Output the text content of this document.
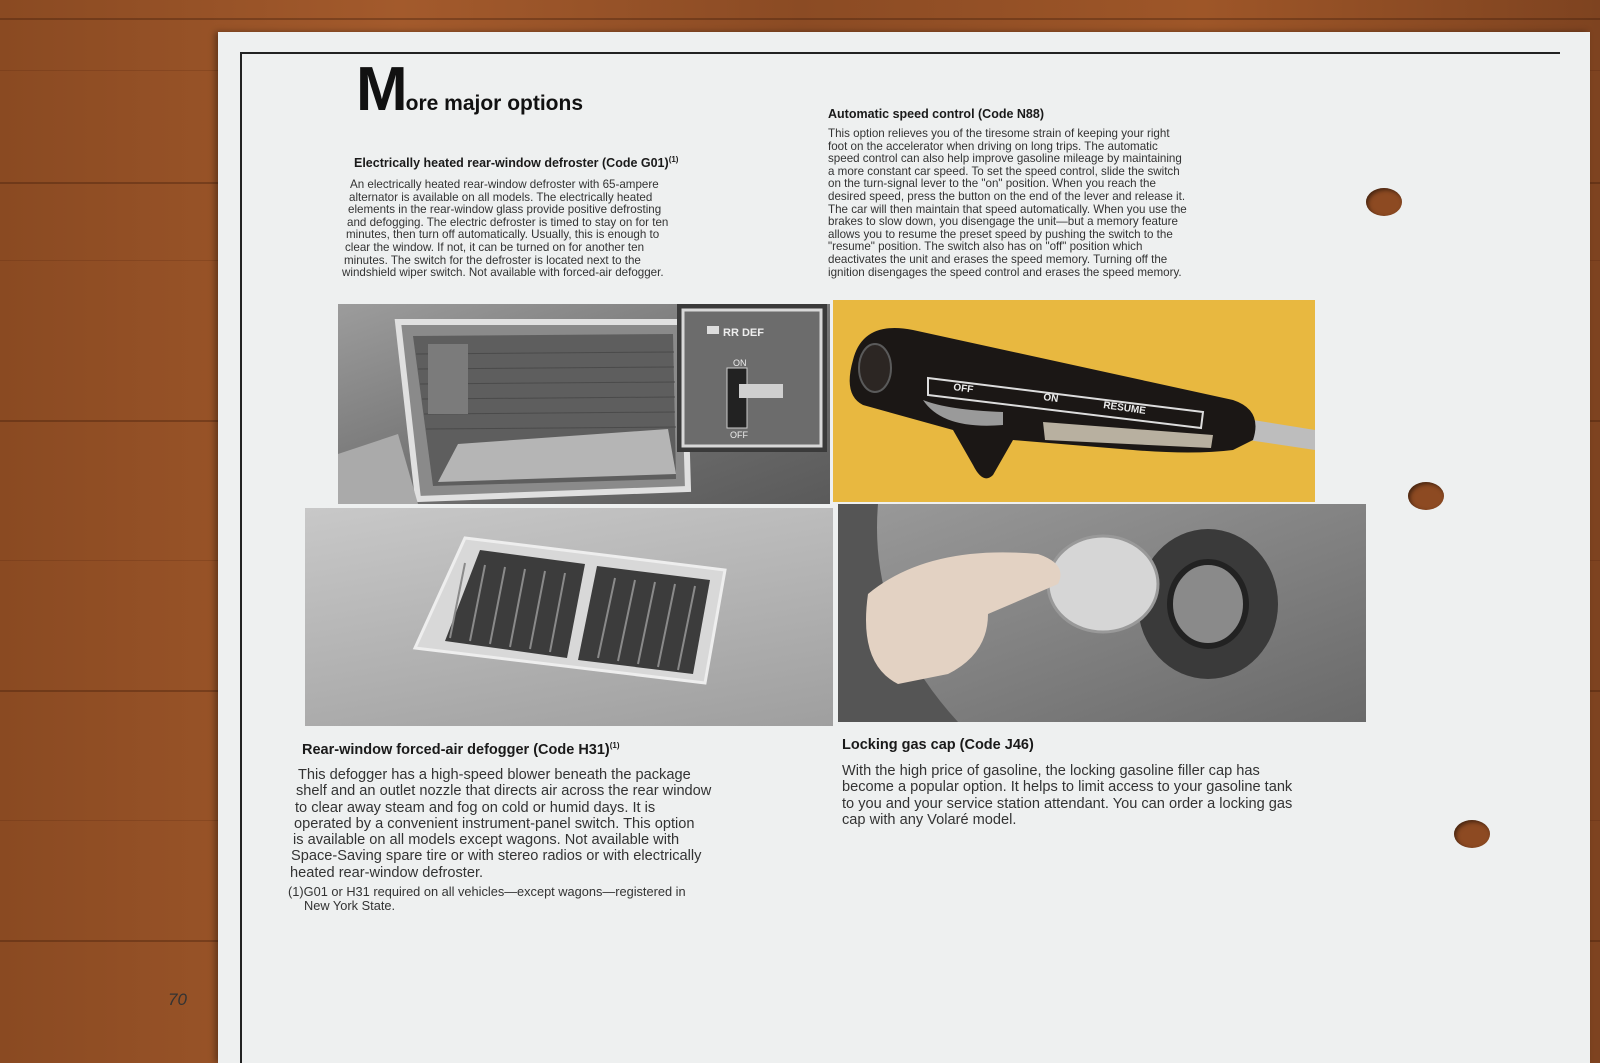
More major options
Electrically heated rear-window defroster (Code G01)$^{(1)}$
An electrically heated rear-window defroster with 65-ampere
alternator is available on all models. The electrically heated
elements in the rear-window glass provide positive defrosting
and defogging. The electric defroster is timed to stay on for ten
minutes, then turn off automatically. Usually, this is enough to
clear the window. If not, it can be turned on for another ten
minutes. The switch for the defroster is located next to the
windshield wiper switch. Not available with forced-air defogger.
Automatic speed control (Code N88)
This option relieves you of the tiresome strain of keeping your right
foot on the accelerator when driving on long trips. The automatic
speed control can also help improve gasoline mileage by maintaining
a more constant car speed. To set the speed control, slide the switch
on the turn-signal lever to the "on" position. When you reach the
desired speed, press the button on the end of the lever and release it.
The car will then maintain that speed automatically. When you use the
brakes to slow down, you disengage the unit—but a memory feature
allows you to resume the preset speed by pushing the switch to the
"resume" position. The switch also has on "off" position which
deactivates the unit and erases the speed memory. Turning off the
ignition disengages the speed control and erases the speed memory.
RR DEF
ON
OFF
OFF
ON
RESUME
Rear-window forced-air defogger (Code H31)$^{(1)}$
This defogger has a high-speed blower beneath the package
shelf and an outlet nozzle that directs air across the rear window
to clear away steam and fog on cold or humid days. It is
operated by a convenient instrument-panel switch. This option
is available on all models except wagons. Not available with
Space-Saving spare tire or with stereo radios or with electrically
heated rear-window defroster.
(1)G01 or H31 required on all vehicles—except wagons—registered in
New York State.
Locking gas cap (Code J46)
With the high price of gasoline, the locking gasoline filler cap has
become a popular option. It helps to limit access to your gasoline tank
to you and your service station attendant. You can order a locking gas
cap with any Volaré model.
70
